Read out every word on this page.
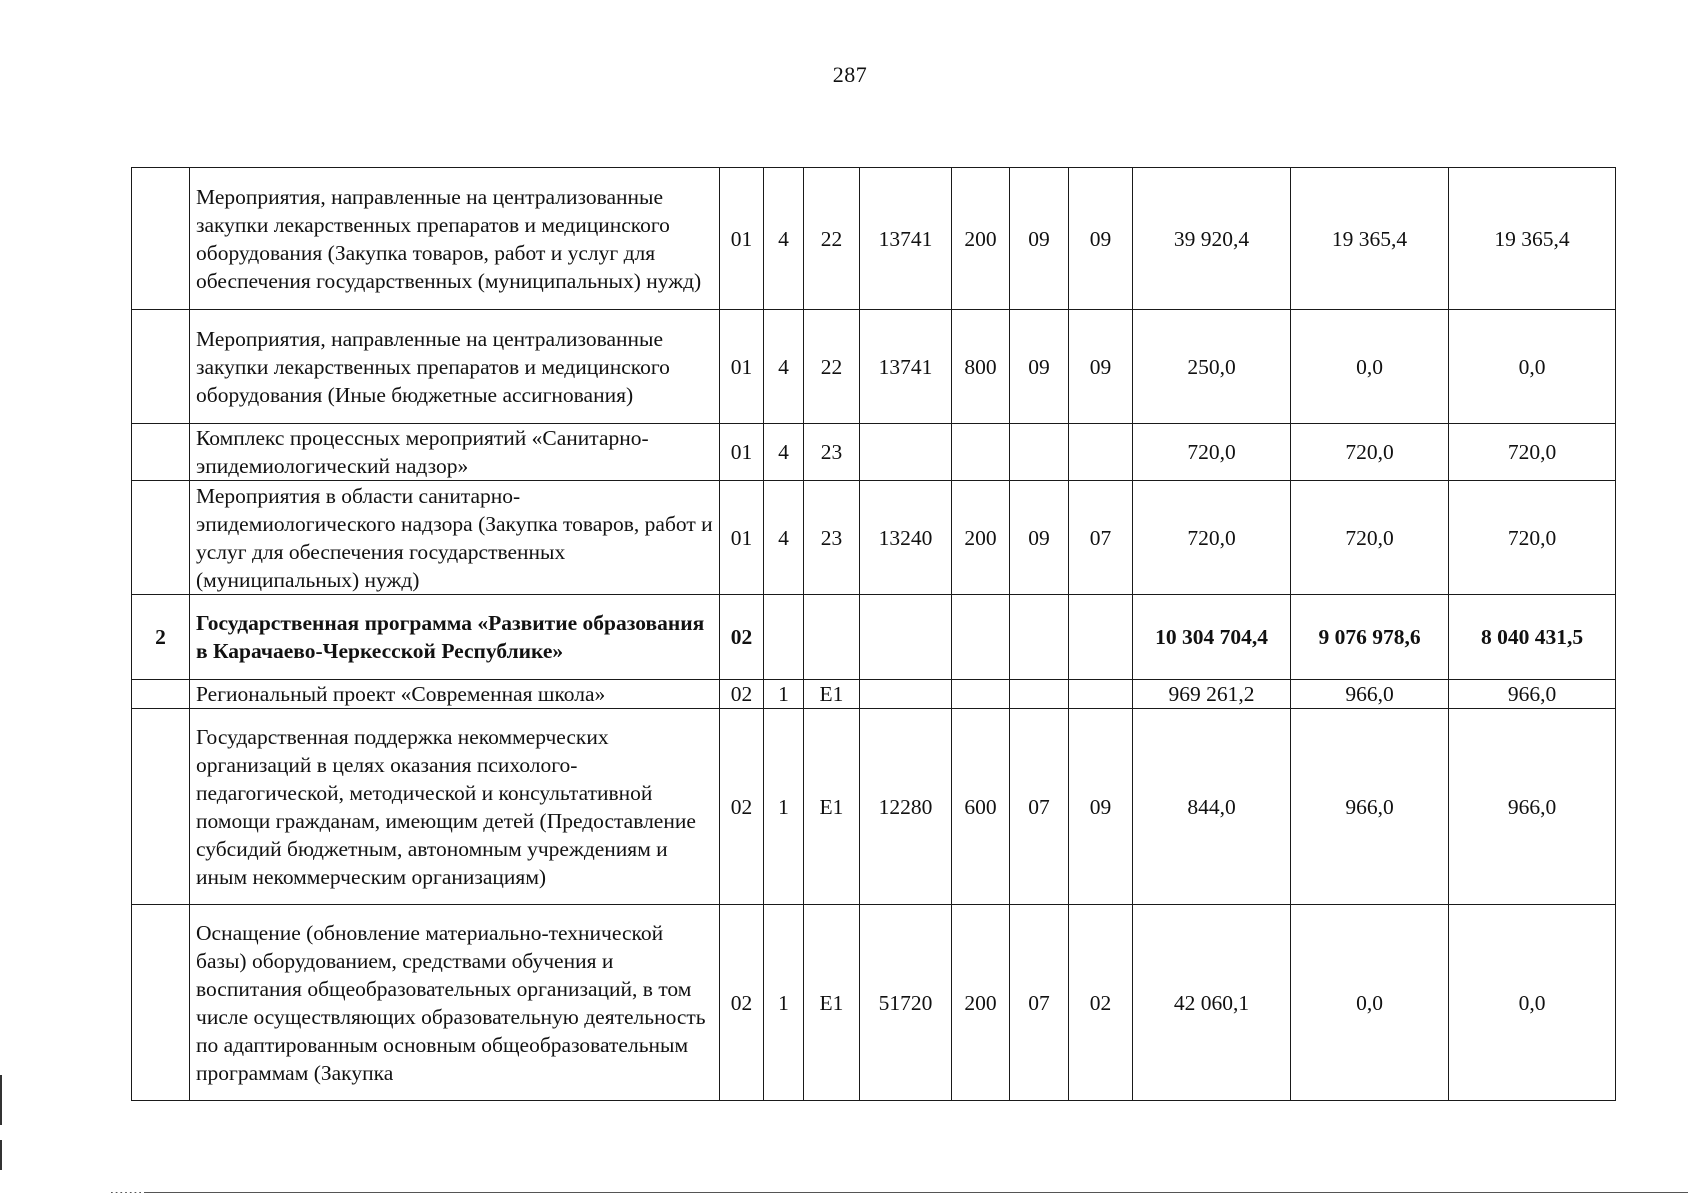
287
	Мероприятия, направленные на централизованные закупки лекарственных препаратов и медицинского оборудования (Закупка товаров, работ и услуг для обеспечения государственных (муниципальных) нужд)	01	4	22	13741	200	09	09	39 920,4	19 365,4	19 365,4
	Мероприятия, направленные на централизованные закупки лекарственных препаратов и медицинского оборудования (Иные бюджетные ассигнования)	01	4	22	13741	800	09	09	250,0	0,0	0,0
	Комплекс процессных мероприятий «Санитарно-эпидемиологический надзор»	01	4	23					720,0	720,0	720,0
	Мероприятия в области санитарно-эпидемиологического надзора (Закупка товаров, работ и услуг для обеспечения государственных (муниципальных) нужд)	01	4	23	13240	200	09	07	720,0	720,0	720,0
2	Государственная программа «Развитие образования в Карачаево-Черкесской Республике»	02							10 304 704,4	9 076 978,6	8 040 431,5
	Региональный проект «Современная школа»	02	1	E1					969 261,2	966,0	966,0
	Государственная поддержка некоммерческих организаций в целях оказания психолого-педагогической, методической и консультативной помощи гражданам, имеющим детей (Предоставление субсидий бюджетным, автономным учреждениям и иным некоммерческим организациям)	02	1	E1	12280	600	07	09	844,0	966,0	966,0
	Оснащение (обновление материально-технической базы) оборудованием, средствами обучения и воспитания общеобразовательных организаций, в том числе осуществляющих образовательную деятельность по адаптированным основным общеобразовательным программам (Закупка	02	1	E1	51720	200	07	02	42 060,1	0,0	0,0
